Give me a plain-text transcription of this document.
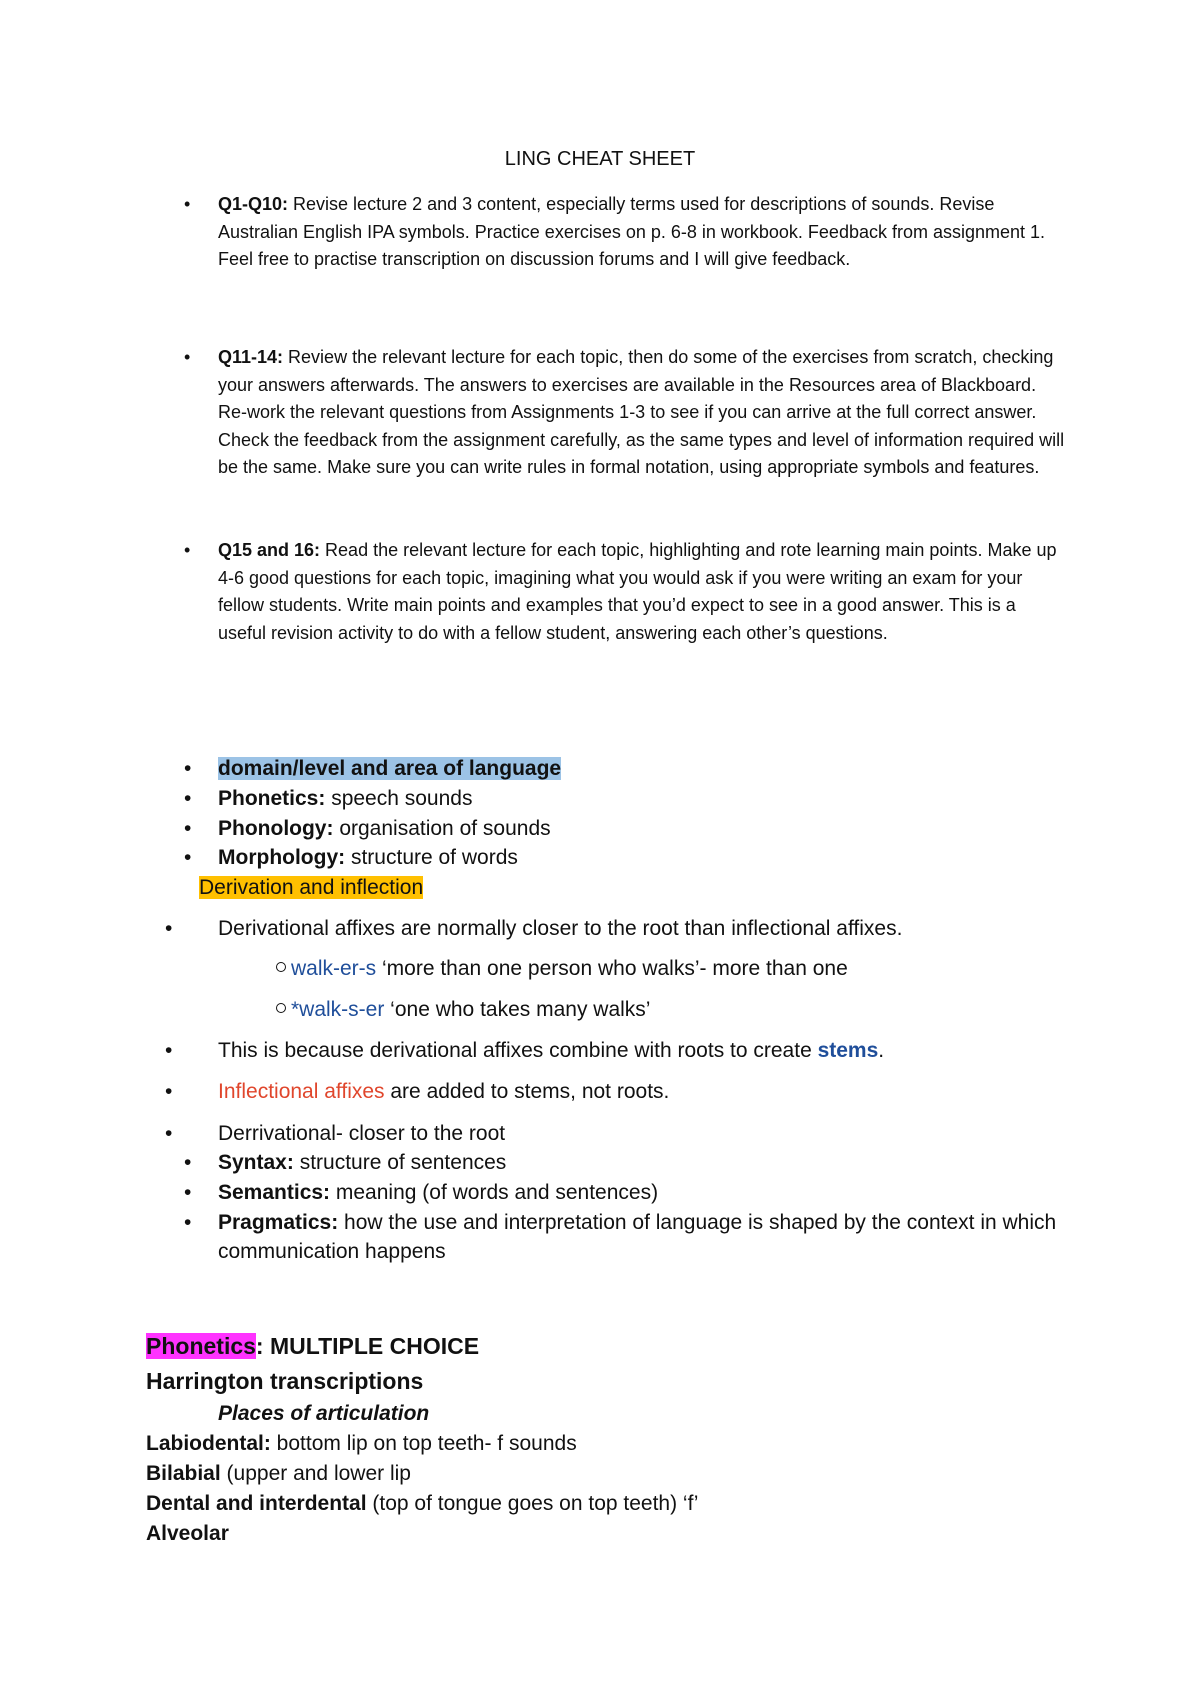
LING CHEAT SHEET
• Q1-Q10: Revise lecture 2 and 3 content, especially terms used for descriptions of sounds. Revise Australian English IPA symbols. Practice exercises on p. 6-8 in workbook. Feedback from assignment 1. Feel free to practise transcription on discussion forums and I will give feedback.
• Q11-14: Review the relevant lecture for each topic, then do some of the exercises from scratch, checking your answers afterwards. The answers to exercises are available in the Resources area of Blackboard. Re-work the relevant questions from Assignments 1-3 to see if you can arrive at the full correct answer. Check the feedback from the assignment carefully, as the same types and level of information required will be the same. Make sure you can write rules in formal notation, using appropriate symbols and features.
• Q15 and 16: Read the relevant lecture for each topic, highlighting and rote learning main points. Make up 4-6 good questions for each topic, imagining what you would ask if you were writing an exam for your fellow students. Write main points and examples that you’d expect to see in a good answer. This is a useful revision activity to do with a fellow student, answering each other’s questions.
• domain/level and area of language
• Phonetics: speech sounds
• Phonology: organisation of sounds
• Morphology: structure of words
Derivation and inflection
• Derivational affixes are normally closer to the root than inflectional affixes.
walk-er-s ‘more than one person who walks’- more than one
*walk-s-er ‘one who takes many walks’
• This is because derivational affixes combine with roots to create stems.
• Inflectional affixes are added to stems, not roots.
• Derrivational- closer to the root
• Syntax: structure of sentences
• Semantics: meaning (of words and sentences)
• Pragmatics: how the use and interpretation of language is shaped by the context in which communication happens
Phonetics: MULTIPLE CHOICE
Harrington transcriptions
Places of articulation
Labiodental: bottom lip on top teeth- f sounds
Bilabial (upper and lower lip
Dental and interdental (top of tongue goes on top teeth) ‘f’
Alveolar
